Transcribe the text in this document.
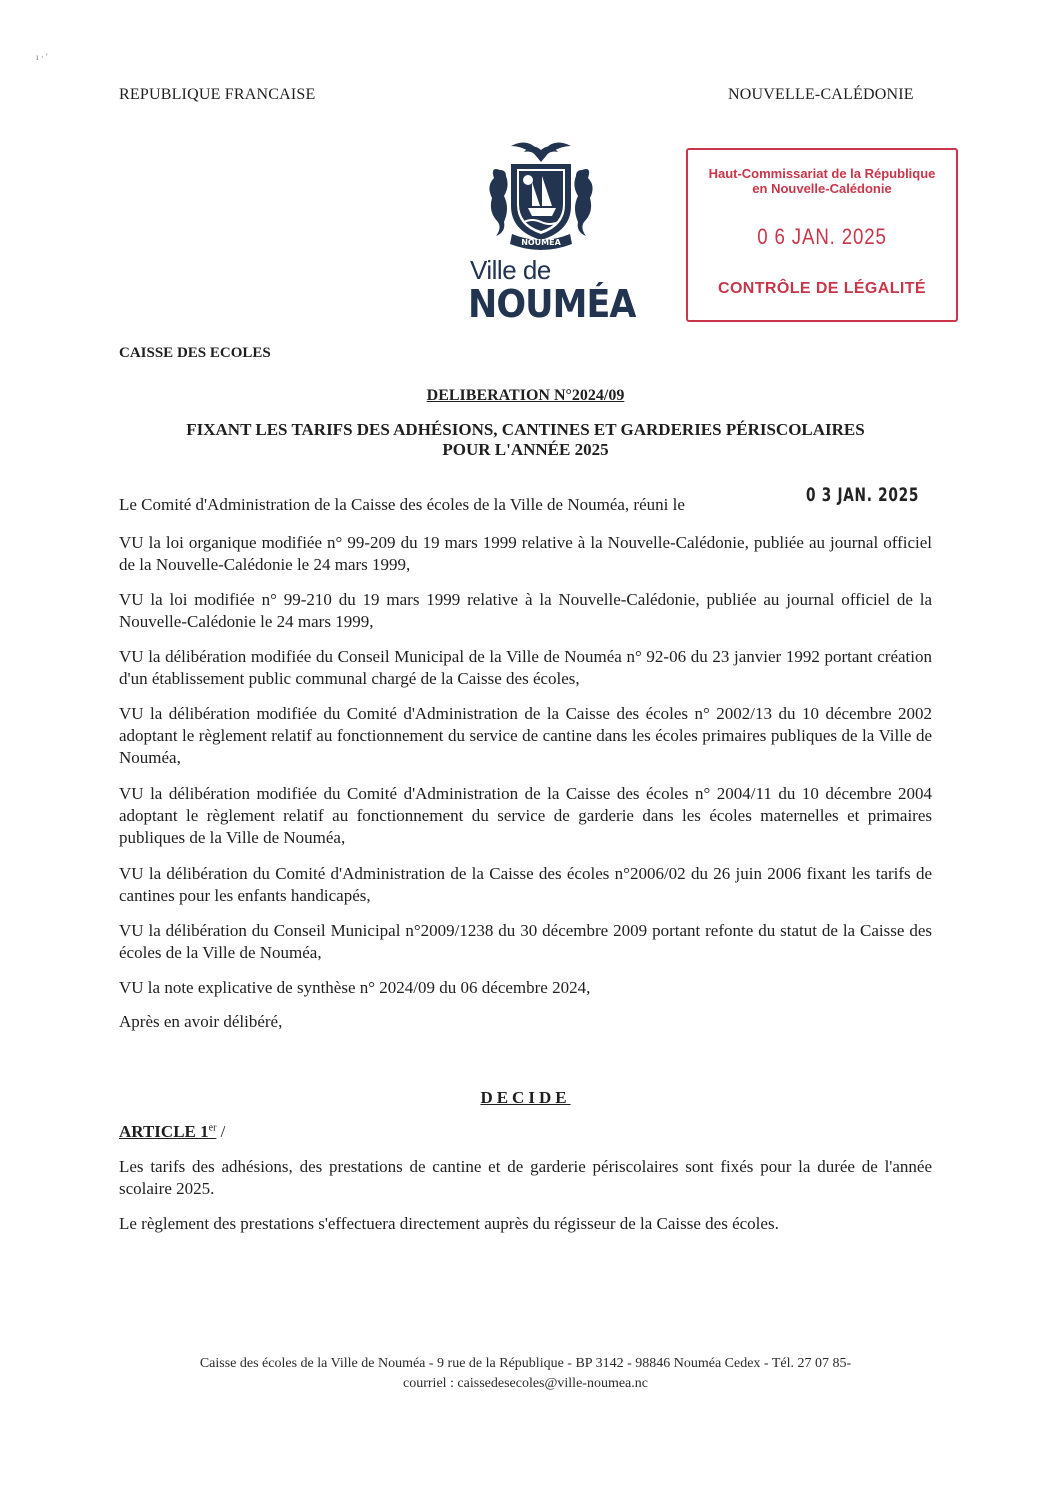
ı · '
REPUBLIQUE FRANCAISE	NOUVELLE-CALÉDONIE
NOUMEA
Ville de
NOUMÉA
Haut-Commissariat de la République
en Nouvelle-Calédonie
0 6 JAN. 2025
CONTRÔLE DE LÉGALITÉ
CAISSE DES ECOLES
DELIBERATION N°2024/09
FIXANT LES TARIFS DES ADHÉSIONS, CANTINES ET GARDERIES PÉRISCOLAIRES
POUR L'ANNÉE 2025
Le Comité d'Administration de la Caisse des écoles de la Ville de Nouméa, réuni le	0 3 JAN. 2025
VU la loi organique modifiée n° 99-209 du 19 mars 1999 relative à la Nouvelle-Calédonie, publiée au journal officiel de la Nouvelle-Calédonie le 24 mars 1999,
VU la loi modifiée n° 99-210 du 19 mars 1999 relative à la Nouvelle-Calédonie, publiée au journal officiel de la Nouvelle-Calédonie le 24 mars 1999,
VU la délibération modifiée du Conseil Municipal de la Ville de Nouméa n° 92-06 du 23 janvier 1992 portant création d'un établissement public communal chargé de la Caisse des écoles,
VU la délibération modifiée du Comité d'Administration de la Caisse des écoles n° 2002/13 du 10 décembre 2002 adoptant le règlement relatif au fonctionnement du service de cantine dans les écoles primaires publiques de la Ville de Nouméa,
VU la délibération modifiée du Comité d'Administration de la Caisse des écoles n° 2004/11 du 10 décembre 2004 adoptant le règlement relatif au fonctionnement du service de garderie dans les écoles maternelles et primaires publiques de la Ville de Nouméa,
VU la délibération du Comité d'Administration de la Caisse des écoles n°2006/02 du 26 juin 2006 fixant les tarifs de cantines pour les enfants handicapés,
VU la délibération du Conseil Municipal n°2009/1238 du 30 décembre 2009 portant refonte du statut de la Caisse des écoles de la Ville de Nouméa,
VU la note explicative de synthèse n° 2024/09 du 06 décembre 2024,
Après en avoir délibéré,
DECIDE
ARTICLE 1er /
Les tarifs des adhésions, des prestations de cantine et de garderie périscolaires sont fixés pour la durée de l'année scolaire 2025.
Le règlement des prestations s'effectuera directement auprès du régisseur de la Caisse des écoles.
Caisse des écoles de la Ville de Nouméa - 9 rue de la République - BP 3142 - 98846 Nouméa Cedex - Tél. 27 07 85-
courriel : caissedesecoles@ville-noumea.nc
